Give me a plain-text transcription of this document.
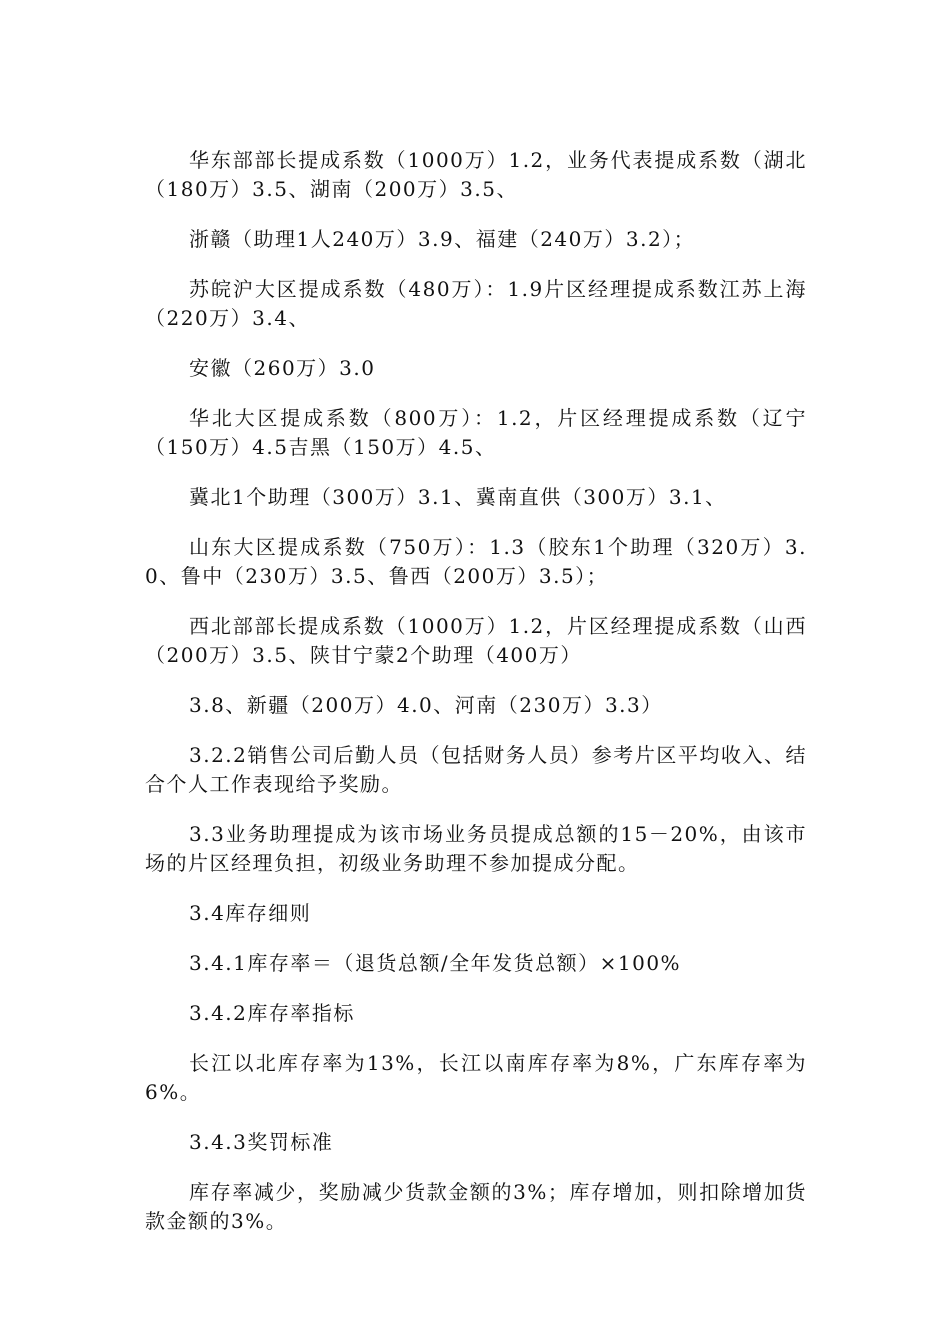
华东部部长提成系数（1000万）1.2，业务代表提成系数（湖北（180万）3.5、湖南（200万）3.5、

浙赣（助理1人240万）3.9、福建（240万）3.2）；

苏皖沪大区提成系数（480万）：1.9片区经理提成系数江苏上海（220万）3.4、

安徽（260万）3.0

华北大区提成系数（800万）：1.2，片区经理提成系数（辽宁（150万）4.5吉黑（150万）4.5、

冀北1个助理（300万）3.1、冀南直供（300万）3.1、

山东大区提成系数（750万）：1.3（胶东1个助理（320万）3.0、鲁中（230万）3.5、鲁西（200万）3.5）；

西北部部长提成系数（1000万）1.2，片区经理提成系数（山西（200万）3.5、陕甘宁蒙2个助理（400万）

3.8、新疆（200万）4.0、河南（230万）3.3）

3.2.2销售公司后勤人员（包括财务人员）参考片区平均收入、结合个人工作表现给予奖励。

3.3业务助理提成为该市场业务员提成总额的15－20%，由该市场的片区经理负担，初级业务助理不参加提成分配。

3.4库存细则

3.4.1库存率＝（退货总额/全年发货总额）×100%

3.4.2库存率指标

长江以北库存率为13%，长江以南库存率为8%，广东库存率为6%。

3.4.3奖罚标准

库存率减少，奖励减少货款金额的3%；库存增加，则扣除增加货款金额的3%。
